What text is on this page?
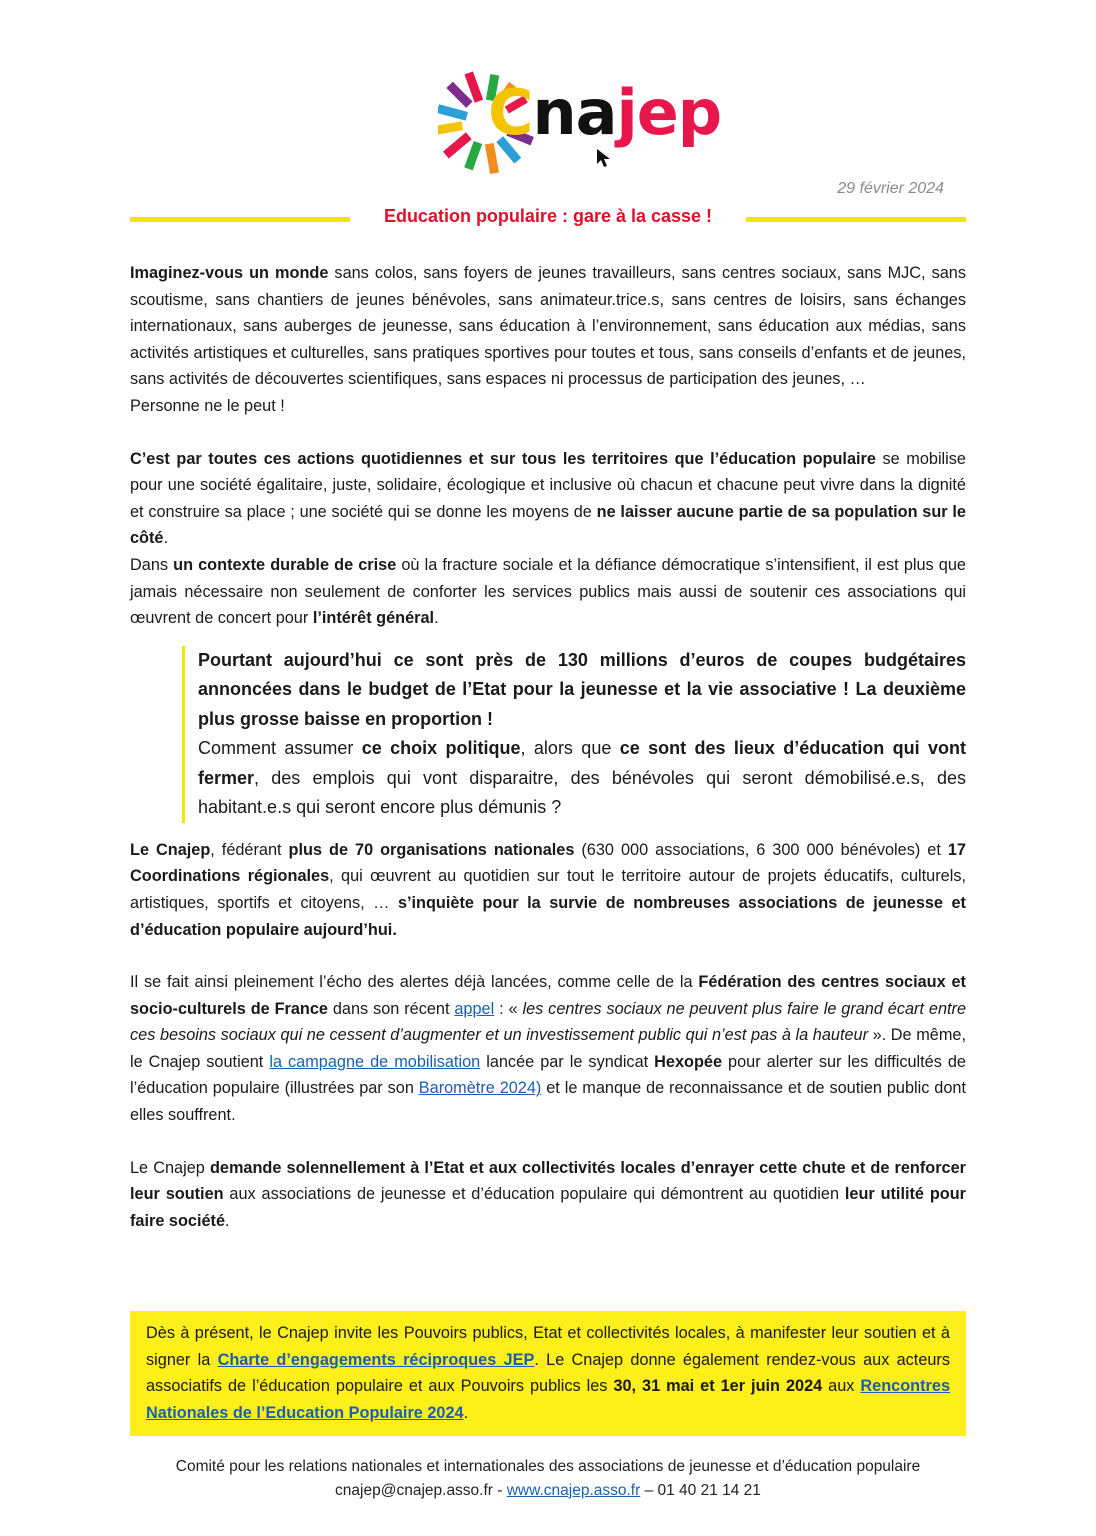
Cnajep
29 février 2024
Education populaire : gare à la casse !

Imaginez-vous un monde sans colos, sans foyers de jeunes travailleurs, sans centres sociaux, sans MJC, sans scoutisme, sans chantiers de jeunes bénévoles, sans animateur.trice.s, sans centres de loisirs, sans échanges internationaux, sans auberges de jeunesse, sans éducation à l’environnement, sans éducation aux médias, sans activités artistiques et culturelles, sans pratiques sportives pour toutes et tous, sans conseils d’enfants et de jeunes, sans activités de découvertes scientifiques, sans espaces ni processus de participation des jeunes, …
Personne ne le peut !

C’est par toutes ces actions quotidiennes et sur tous les territoires que l’éducation populaire se mobilise pour une société égalitaire, juste, solidaire, écologique et inclusive où chacun et chacune peut vivre dans la dignité et construire sa place ; une société qui se donne les moyens de ne laisser aucune partie de sa population sur le côté.
Dans un contexte durable de crise où la fracture sociale et la défiance démocratique s’intensifient, il est plus que jamais nécessaire non seulement de conforter les services publics mais aussi de soutenir ces associations qui œuvrent de concert pour l’intérêt général.

Pourtant aujourd’hui ce sont près de 130 millions d’euros de coupes budgétaires annoncées dans le budget de l’Etat pour la jeunesse et la vie associative ! La deuxième plus grosse baisse en proportion !
Comment assumer ce choix politique, alors que ce sont des lieux d’éducation qui vont fermer, des emplois qui vont disparaitre, des bénévoles qui seront démobilisé.e.s, des habitant.e.s qui seront encore plus démunis ?

Le Cnajep, fédérant plus de 70 organisations nationales (630 000 associations, 6 300 000 bénévoles) et 17 Coordinations régionales, qui œuvrent au quotidien sur tout le territoire autour de projets éducatifs, culturels, artistiques, sportifs et citoyens, … s’inquiète pour la survie de nombreuses associations de jeunesse et d’éducation populaire aujourd’hui.

Il se fait ainsi pleinement l’écho des alertes déjà lancées, comme celle de la Fédération des centres sociaux et socio-culturels de France dans son récent appel : « les centres sociaux ne peuvent plus faire le grand écart entre ces besoins sociaux qui ne cessent d’augmenter et un investissement public qui n’est pas à la hauteur ». De même, le Cnajep soutient la campagne de mobilisation lancée par le syndicat Hexopée pour alerter sur les difficultés de l’éducation populaire (illustrées par son Baromètre 2024) et le manque de reconnaissance et de soutien public dont elles souffrent.

Le Cnajep demande solennellement à l’Etat et aux collectivités locales d’enrayer cette chute et de renforcer leur soutien aux associations de jeunesse et d’éducation populaire qui démontrent au quotidien leur utilité pour faire société.

Dès à présent, le Cnajep invite les Pouvoirs publics, Etat et collectivités locales, à manifester leur soutien et à signer la Charte d’engagements réciproques JEP. Le Cnajep donne également rendez-vous aux acteurs associatifs de l’éducation populaire et aux Pouvoirs publics les 30, 31 mai et 1er juin 2024 aux Rencontres Nationales de l’Education Populaire 2024.

Comité pour les relations nationales et internationales des associations de jeunesse et d’éducation populaire
cnajep@cnajep.asso.fr - www.cnajep.asso.fr – 01 40 21 14 21
